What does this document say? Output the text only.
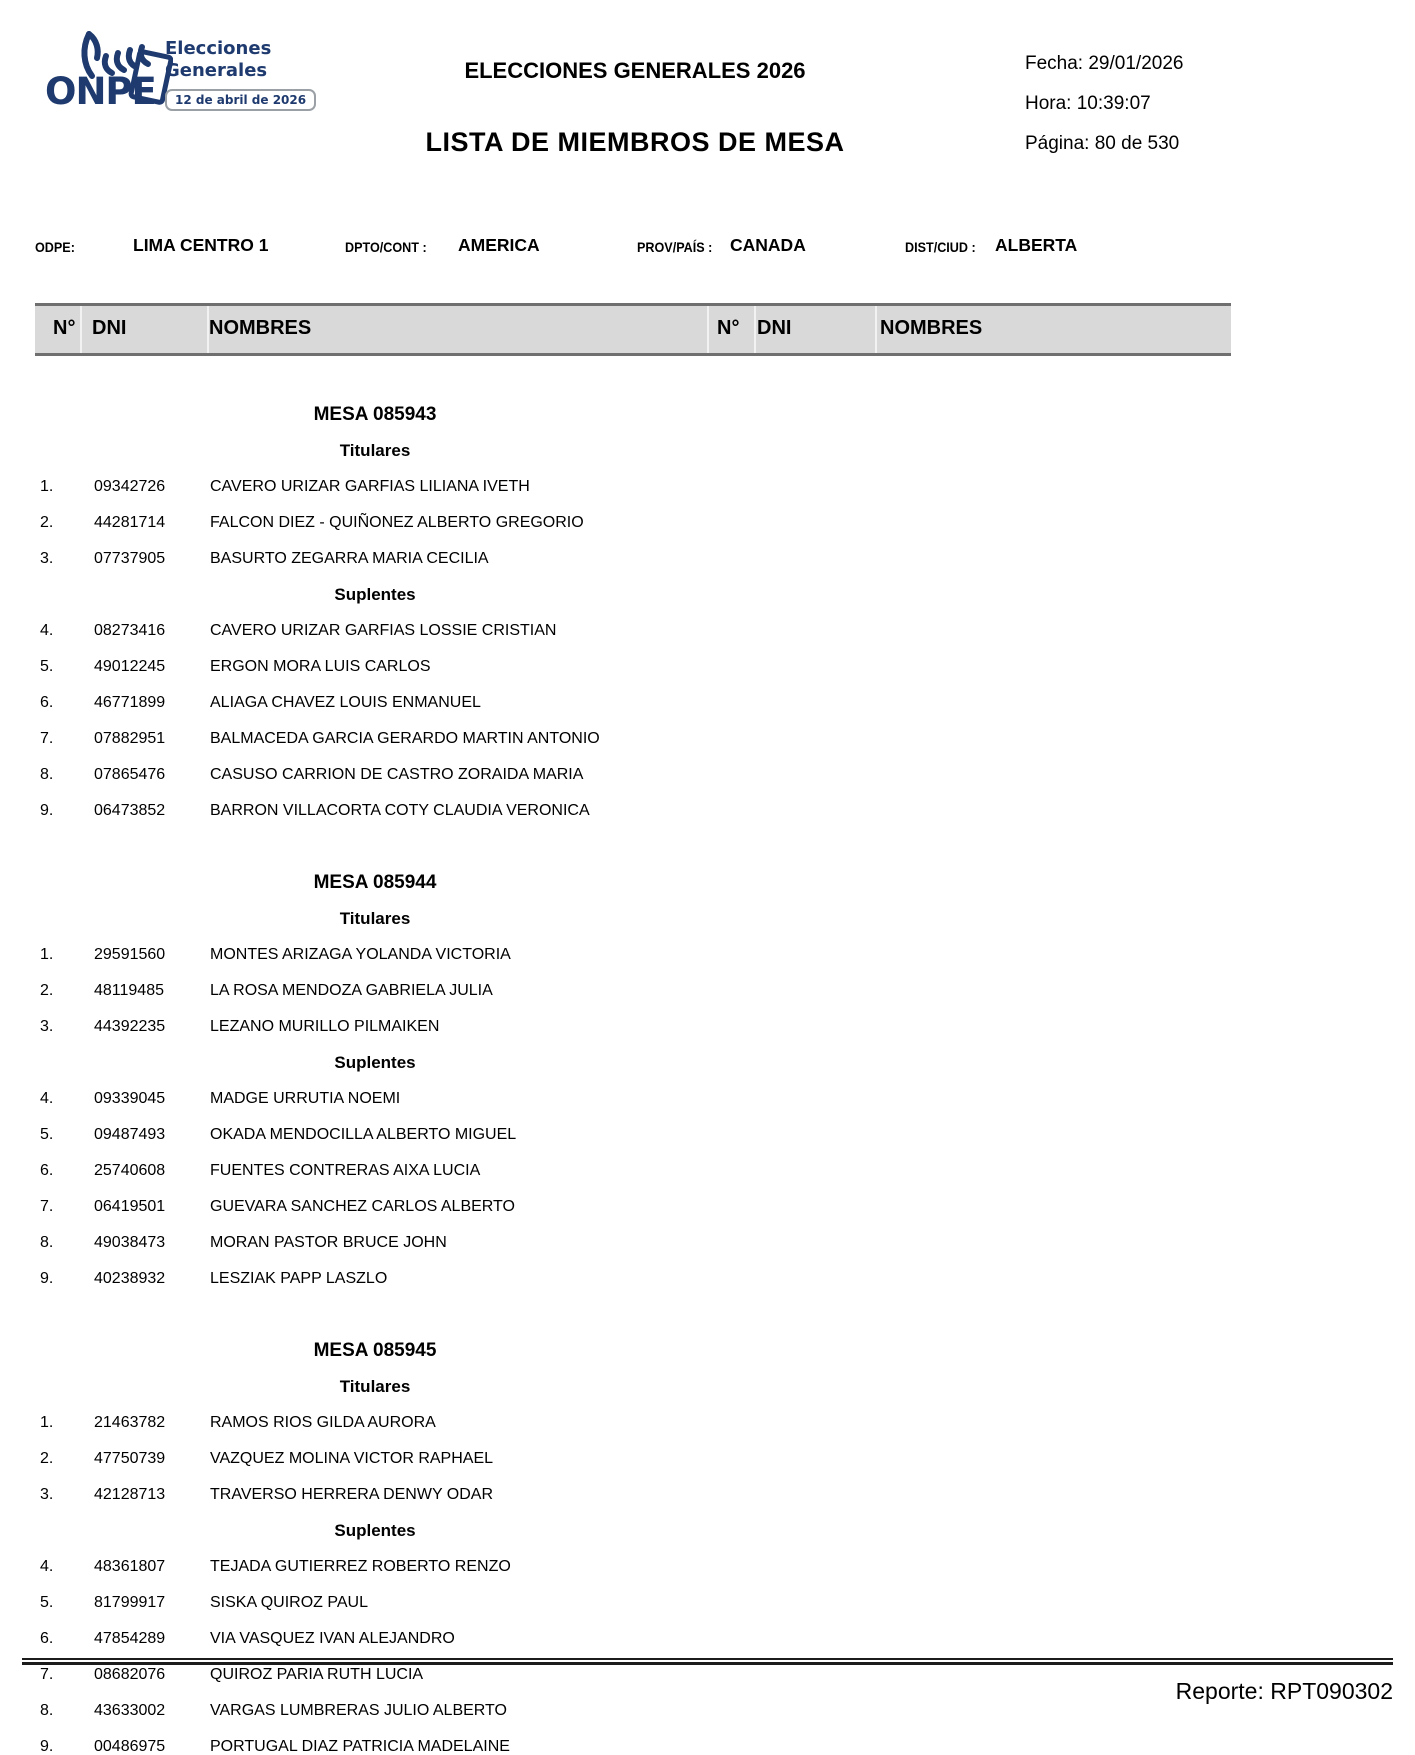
ONPE
Elecciones
Generales
12 de abril de 2026
ELECCIONES GENERALES 2026
LISTA DE MIEMBROS DE MESA
Fecha: 29/01/2026
Hora: 10:39:07
Página: 80 de 530
ODPE:	LIMA CENTRO 1	DPTO/CONT : AMERICA	PROV/PAÍS : CANADA	DIST/CIUD : ALBERTA
N° DNI	NOMBRES	N° DNI	NOMBRES
MESA 085943
Titulares
1.	09342726	CAVERO URIZAR GARFIAS LILIANA IVETH
2.	44281714	FALCON DIEZ - QUIÑONEZ ALBERTO GREGORIO
3.	07737905	BASURTO ZEGARRA MARIA CECILIA
Suplentes
4.	08273416	CAVERO URIZAR GARFIAS LOSSIE CRISTIAN
5.	49012245	ERGON MORA LUIS CARLOS
6.	46771899	ALIAGA CHAVEZ LOUIS ENMANUEL
7.	07882951	BALMACEDA GARCIA GERARDO MARTIN ANTONIO
8.	07865476	CASUSO CARRION DE CASTRO ZORAIDA MARIA
9.	06473852	BARRON VILLACORTA COTY CLAUDIA VERONICA
MESA 085944
Titulares
1.	29591560	MONTES ARIZAGA YOLANDA VICTORIA
2.	48119485	LA ROSA MENDOZA GABRIELA JULIA
3.	44392235	LEZANO MURILLO PILMAIKEN
Suplentes
4.	09339045	MADGE URRUTIA NOEMI
5.	09487493	OKADA MENDOCILLA ALBERTO MIGUEL
6.	25740608	FUENTES CONTRERAS AIXA LUCIA
7.	06419501	GUEVARA SANCHEZ CARLOS ALBERTO
8.	49038473	MORAN PASTOR BRUCE JOHN
9.	40238932	LESZIAK PAPP LASZLO
MESA 085945
Titulares
1.	21463782	RAMOS RIOS GILDA AURORA
2.	47750739	VAZQUEZ MOLINA VICTOR RAPHAEL
3.	42128713	TRAVERSO HERRERA DENWY ODAR
Suplentes
4.	48361807	TEJADA GUTIERREZ ROBERTO RENZO
5.	81799917	SISKA QUIROZ PAUL
6.	47854289	VIA VASQUEZ IVAN ALEJANDRO
7.	08682076	QUIROZ PARIA RUTH LUCIA
8.	43633002	VARGAS LUMBRERAS JULIO ALBERTO
9.	00486975	PORTUGAL DIAZ PATRICIA MADELAINE
Reporte: RPT090302
